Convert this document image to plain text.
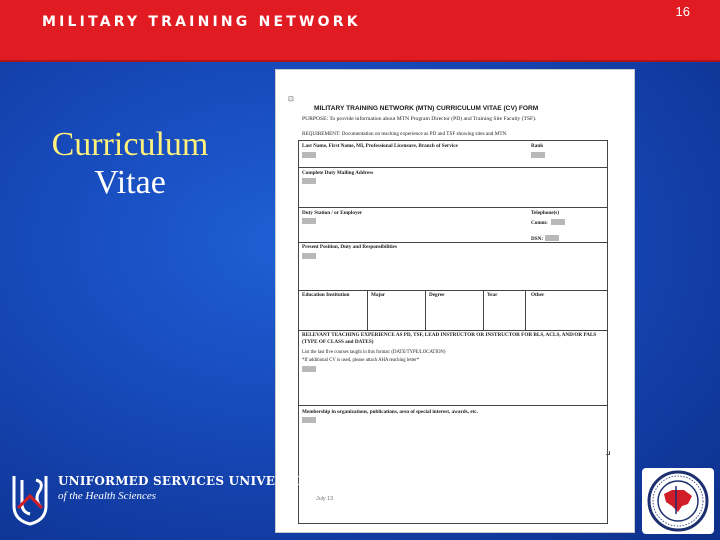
MILITARY TRAINING NETWORK
16
Curriculum
Vitae
⊡
MILITARY TRAINING NETWORK (MTN) CURRICULUM VITAE (CV) FORM
PURPOSE: To provide information about MTN Program Director (PD) and Training Site Faculty (TSF).
REQUIREMENT: Documentation on teaching experience as PD and TSF showing sites and MTN.
Last Name, First Name, MI, Professional Licensure, Branch of Service	Rank
Complete Duty Mailing Address
Duty Station / or Employer	Telephone(s)
Comm:
DSN:
Present Position, Duty and Responsibilities
Education Institution	Major	Degree	Year	Other
RELEVANT TEACHING EXPERIENCE AS PD, TSF, LEAD INSTRUCTOR OR INSTRUCTOR FOR BLS, ACLS, AND/OR PALS (TYPE OF CLASS and DATES)
List the last five courses taught in this format: (DATE/TYPE/LOCATION)
*If additional CV is used, please attach AHA teaching letter*
Membership in organizations, publications, area of special interest, awards, etc.
July 13
UNIFORMED SERVICES UNIVERSITY
of the Health Sciences
